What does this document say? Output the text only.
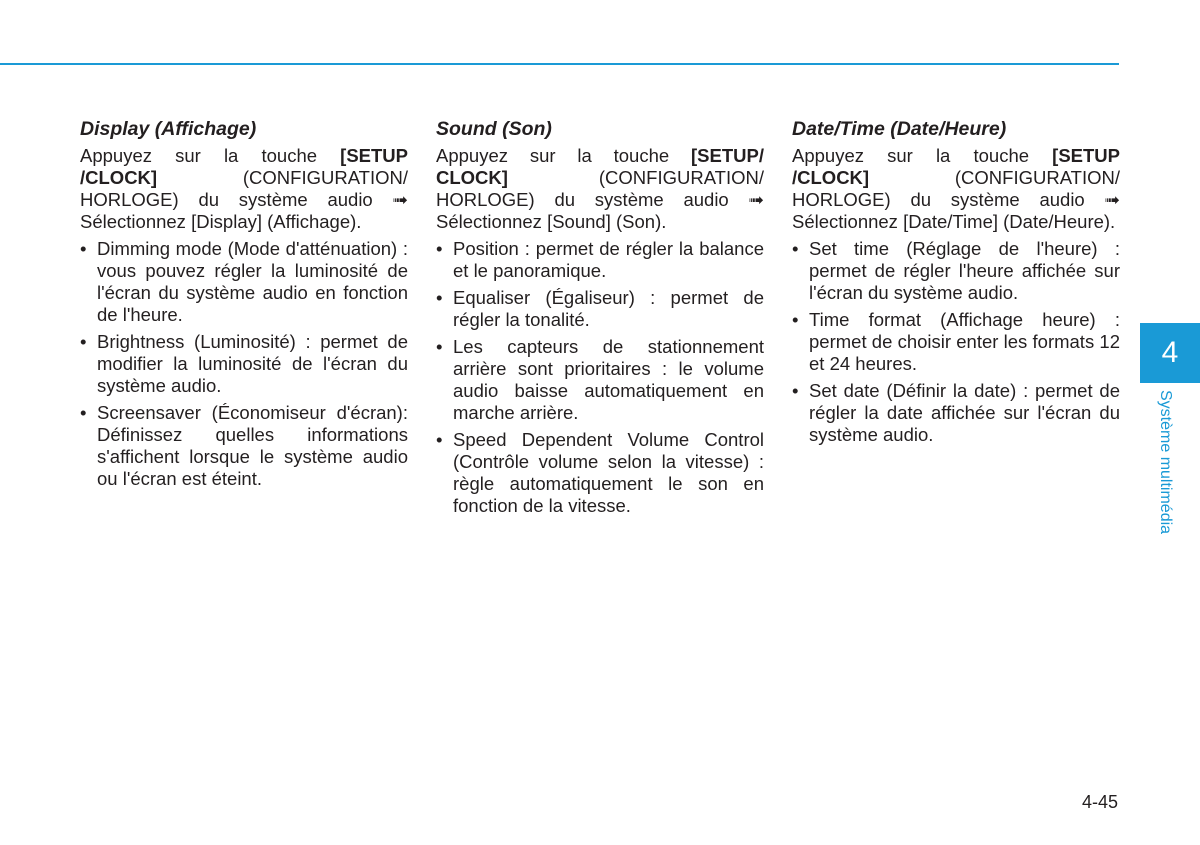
Display (Affichage)

Appuyez sur la touche [SETUP /CLOCK] (CONFIGURATION/ HORLOGE) du système audio ➟ Sélectionnez [Display] (Affichage).

• Dimming mode (Mode d'atténuation) : vous pouvez régler la luminosité de l'écran du système audio en fonction de l'heure.
• Brightness (Luminosité) : permet de modifier la luminosité de l'écran du système audio.
• Screensaver (Économiseur d'écran): Définissez quelles informations s'affichent lorsque le système audio ou l'écran est éteint.
Sound (Son)

Appuyez sur la touche [SETUP/ CLOCK] (CONFIGURATION/ HORLOGE) du système audio ➟ Sélectionnez [Sound] (Son).

• Position : permet de régler la balance et le panoramique.
• Equaliser (Égaliseur) : permet de régler la tonalité.
• Les capteurs de stationnement arrière sont prioritaires : le volume audio baisse automatiquement en marche arrière.
• Speed Dependent Volume Control (Contrôle volume selon la vitesse) : règle automatiquement le son en fonction de la vitesse.
Date/Time (Date/Heure)

Appuyez sur la touche [SETUP /CLOCK] (CONFIGURATION/ HORLOGE) du système audio ➟ Sélectionnez [Date/Time] (Date/Heure).

• Set time (Réglage de l'heure) : permet de régler l'heure affichée sur l'écran du système audio.
• Time format (Affichage heure) : permet de choisir enter les formats 12 et 24 heures.
• Set date (Définir la date) : permet de régler la date affichée sur l'écran du système audio.
4
Système multimédia
4-45
